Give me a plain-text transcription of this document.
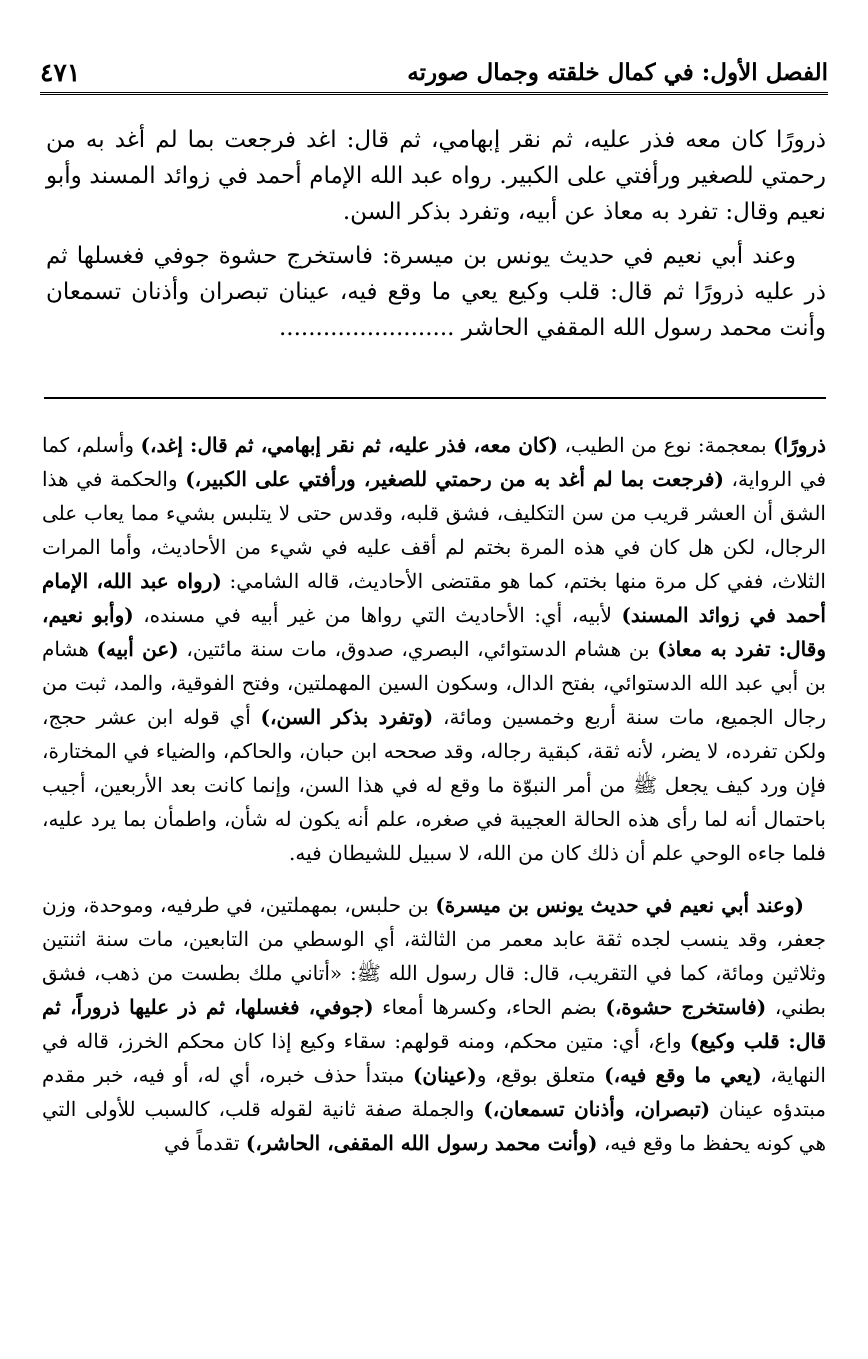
الفصل الأول: في كمال خلقته وجمال صورته
٤٧١

ذرورًا كان معه فذر عليه، ثم نقر إبهامي، ثم قال: اغد فرجعت بما لم أغد به من رحمتي للصغير ورأفتي على الكبير. رواه عبد الله الإمام أحمد في زوائد المسند وأبو نعيم وقال: تفرد به معاذ عن أبيه، وتفرد بذكر السن.

وعند أبي نعيم في حديث يونس بن ميسرة: فاستخرج حشوة جوفي فغسلها ثم ذر عليه ذرورًا ثم قال: قلب وكيع يعي ما وقع فيه، عينان تبصران وأذنان تسمعان وأنت محمد رسول الله المقفي الحاشر ........................

ذرورًا) بمعجمة: نوع من الطيب، (كان معه، فذر عليه، ثم نقر إبهامي، ثم قال: إغد،) وأسلم، كما في الرواية، (فرجعت بما لم أغد به من رحمتي للصغير، ورأفتي على الكبير،) والحكمة في هذا الشق أن العشر قريب من سن التكليف، فشق قلبه، وقدس حتى لا يتلبس بشيء مما يعاب على الرجال، لكن هل كان في هذه المرة بختم لم أقف عليه في شيء من الأحاديث، وأما المرات الثلاث، ففي كل مرة منها بختم، كما هو مقتضى الأحاديث، قاله الشامي: (رواه عبد الله، الإمام أحمد في زوائد المسند) لأبيه، أي: الأحاديث التي رواها من غير أبيه في مسنده، (وأبو نعيم، وقال: تفرد به معاذ) بن هشام الدستوائي، البصري، صدوق، مات سنة مائتين، (عن أبيه) هشام بن أبي عبد الله الدستوائي، بفتح الدال، وسكون السين المهملتين، وفتح الفوقية، والمد، ثبت من رجال الجميع، مات سنة أربع وخمسين ومائة، (وتفرد بذكر السن،) أي قوله ابن عشر حجج، ولكن تفرده، لا يضر، لأنه ثقة، كبقية رجاله، وقد صححه ابن حبان، والحاكم، والضياء في المختارة، فإن ورد كيف يجعل ﷺ من أمر النبوّة ما وقع له في هذا السن، وإنما كانت بعد الأربعين، أجيب باحتمال أنه لما رأى هذه الحالة العجيبة في صغره، علم أنه يكون له شأن، واطمأن بما يرد عليه، فلما جاءه الوحي علم أن ذلك كان من الله، لا سبيل للشيطان فيه.

(وعند أبي نعيم في حديث يونس بن ميسرة) بن حلبس، بمهملتين، في طرفيه، وموحدة، وزن جعفر، وقد ينسب لجده ثقة عابد معمر من الثالثة، أي الوسطي من التابعين، مات سنة اثنتين وثلاثين ومائة، كما في التقريب، قال: قال رسول الله ﷺ: «أتاني ملك بطست من ذهب، فشق بطني، (فاستخرج حشوة،) بضم الحاء، وكسرها أمعاء (جوفي، فغسلها، ثم ذر عليها ذروراً، ثم قال: قلب وكيع) واع، أي: متين محكم، ومنه قولهم: سقاء وكيع إذا كان محكم الخرز، قاله في النهاية، (يعي ما وقع فيه،) متعلق بوقع، و(عينان) مبتدأ حذف خبره، أي له، أو فيه، خبر مقدم مبتدؤه عينان (تبصران، وأذنان تسمعان،) والجملة صفة ثانية لقوله قلب، كالسبب للأولى التي هي كونه يحفظ ما وقع فيه، (وأنت محمد رسول الله المقفى، الحاشر،) تقدماً في
